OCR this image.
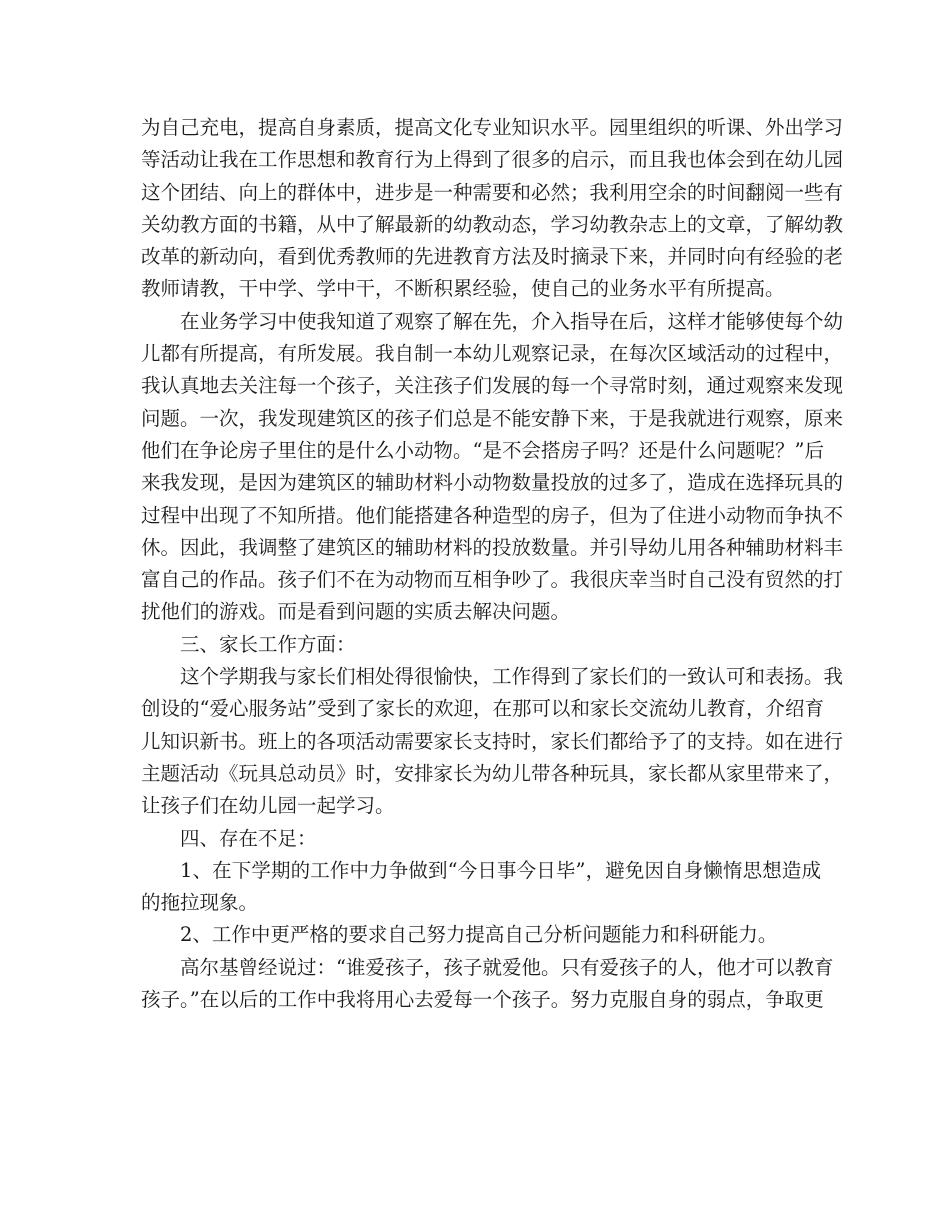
为自己充电，提高自身素质，提高文化专业知识水平。园里组织的听课、外出学习
等活动让我在工作思想和教育行为上得到了很多的启示，而且我也体会到在幼儿园
这个团结、向上的群体中，进步是一种需要和必然；我利用空余的时间翻阅一些有
关幼教方面的书籍，从中了解最新的幼教动态，学习幼教杂志上的文章，了解幼教
改革的新动向，看到优秀教师的先进教育方法及时摘录下来，并同时向有经验的老
教师请教，干中学、学中干，不断积累经验，使自己的业务水平有所提高。
在业务学习中使我知道了观察了解在先，介入指导在后，这样才能够使每个幼
儿都有所提高，有所发展。我自制一本幼儿观察记录，在每次区域活动的过程中，
我认真地去关注每一个孩子，关注孩子们发展的每一个寻常时刻，通过观察来发现
问题。一次，我发现建筑区的孩子们总是不能安静下来，于是我就进行观察，原来
他们在争论房子里住的是什么小动物。“是不会搭房子吗？还是什么问题呢？”后
来我发现，是因为建筑区的辅助材料小动物数量投放的过多了，造成在选择玩具的
过程中出现了不知所措。他们能搭建各种造型的房子，但为了住进小动物而争执不
休。因此，我调整了建筑区的辅助材料的投放数量。并引导幼儿用各种辅助材料丰
富自己的作品。孩子们不在为动物而互相争吵了。我很庆幸当时自己没有贸然的打
扰他们的游戏。而是看到问题的实质去解决问题。
三、家长工作方面：
这个学期我与家长们相处得很愉快，工作得到了家长们的一致认可和表扬。我
创设的“爱心服务站”受到了家长的欢迎，在那可以和家长交流幼儿教育，介绍育
儿知识新书。班上的各项活动需要家长支持时，家长们都给予了的支持。如在进行
主题活动《玩具总动员》时，安排家长为幼儿带各种玩具，家长都从家里带来了，
让孩子们在幼儿园一起学习。
四、存在不足：
1、在下学期的工作中力争做到“今日事今日毕”，避免因自身懒惰思想造成
的拖拉现象。
2、工作中更严格的要求自己努力提高自己分析问题能力和科研能力。
高尔基曾经说过：“谁爱孩子，孩子就爱他。只有爱孩子的人，他才可以教育
孩子。”在以后的工作中我将用心去爱每一个孩子。努力克服自身的弱点，争取更
